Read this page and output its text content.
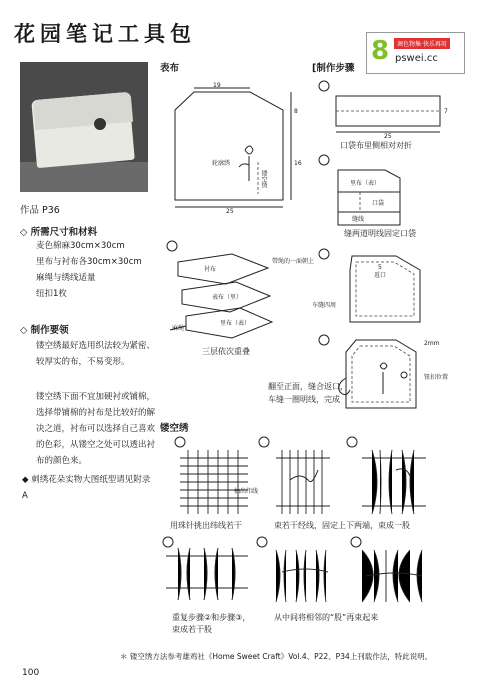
花园笔记工具包
8	调色物集·快乐再用
pswei.cc
作品 P36
◇ 所需尺寸和材料
麦色棉麻30cm×30cm
里布与衬布各30cm×30cm
麻绳与绣线适量
纽扣1枚
◇ 制作要领
镂空绣最好选用织法较为紧密、较厚实的布，不易变形。
镂空绣下面不宜加硬衬或铺棉，选择带铺棉的衬布是比较好的解决之道，衬布可以选择自己喜欢的色彩，从镂空之处可以透出衬布的颜色来。
◆ 刺绣花朵实物大图纸型请见附录A
表布	[制作步骤
19
8
16
25
轮廓绣
镂空绣
25
7
口袋布里侧相对对折
里布（表）
口袋
缝线
缝两道明线固定口袋
衬布
带绳的一面朝上
表布（里）
里布（表）
麻绳
三层依次重叠
5
返口
车缝四周
2mm
钮扣位置
翻至正面，缝合返口，车缝一圈明线，完成
镂空绣
抽出纬线
用珠针挑出纬线若干	束若干经线，固定上下两端，束成一股
重复步骤②和步骤③，束成若干股
从中间将相邻的“股”再束起来
＊ 镂空绣方法参考雄鸡社《Home Sweet Craft》Vol.4、P22、P34上刊载作法，特此说明。
100
